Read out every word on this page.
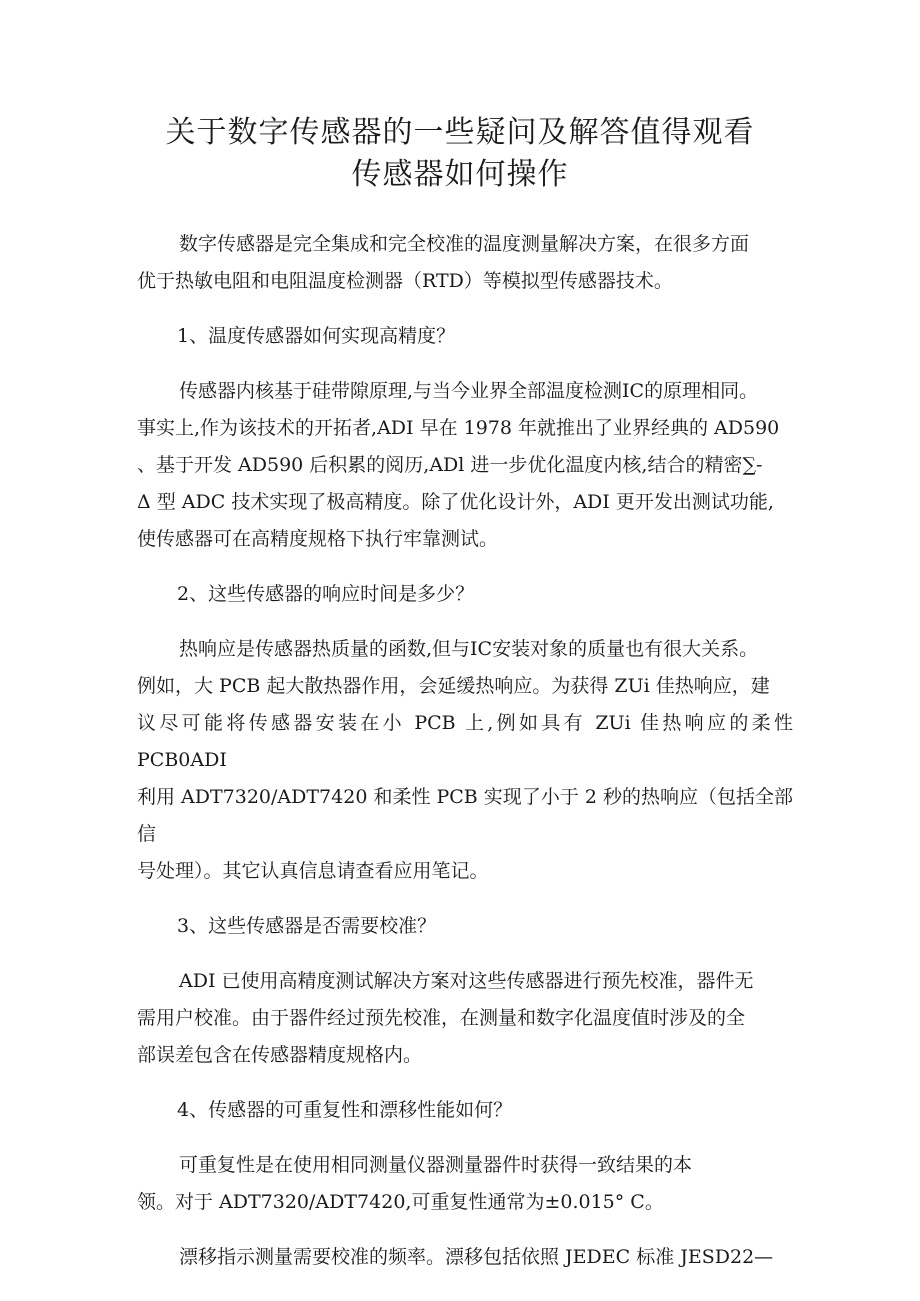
关于数字传感器的一些疑问及解答值得观看

传感器如何操作

数字传感器是完全集成和完全校准的温度测量解决方案，在很多方面
优于热敏电阻和电阻温度检测器（RTD）等模拟型传感器技术。

1、温度传感器如何实现高精度？

传感器内核基于硅带隙原理,与当今业界全部温度检测IC的原理相同。
事实上,作为该技术的开拓者,ADI 早在 1978 年就推出了业界经典的 AD590
、基于开发 AD590 后积累的阅历,ADl 进一步优化温度内核,结合的精密∑-
Δ 型 ADC 技术实现了极高精度。除了优化设计外，ADI 更开发出测试功能,
使传感器可在高精度规格下执行牢靠测试。

2、这些传感器的响应时间是多少？

热响应是传感器热质量的函数,但与IC安装对象的质量也有很大关系。
例如，大 PCB 起大散热器作用，会延缓热响应。为获得 ZUi 佳热响应，建
议尽可能将传感器安装在小 PCB 上,例如具有 ZUi 佳热响应的柔性 PCB0ADI
利用 ADT7320/ADT7420 和柔性 PCB 实现了小于 2 秒的热响应（包括全部信
号处理）。其它认真信息请查看应用笔记。

3、这些传感器是否需要校准？

ADI 已使用高精度测试解决方案对这些传感器进行预先校准，器件无
需用户校准。由于器件经过预先校准，在测量和数字化温度值时涉及的全
部误差包含在传感器精度规格内。

4、传感器的可重复性和漂移性能如何？

可重复性是在使用相同测量仪器测量器件时获得一致结果的本
领。对于 ADT7320/ADT7420,可重复性通常为±0.015° C。

漂移指示测量需要校准的频率。漂移包括依照 JEDEC 标准 JESD22—
